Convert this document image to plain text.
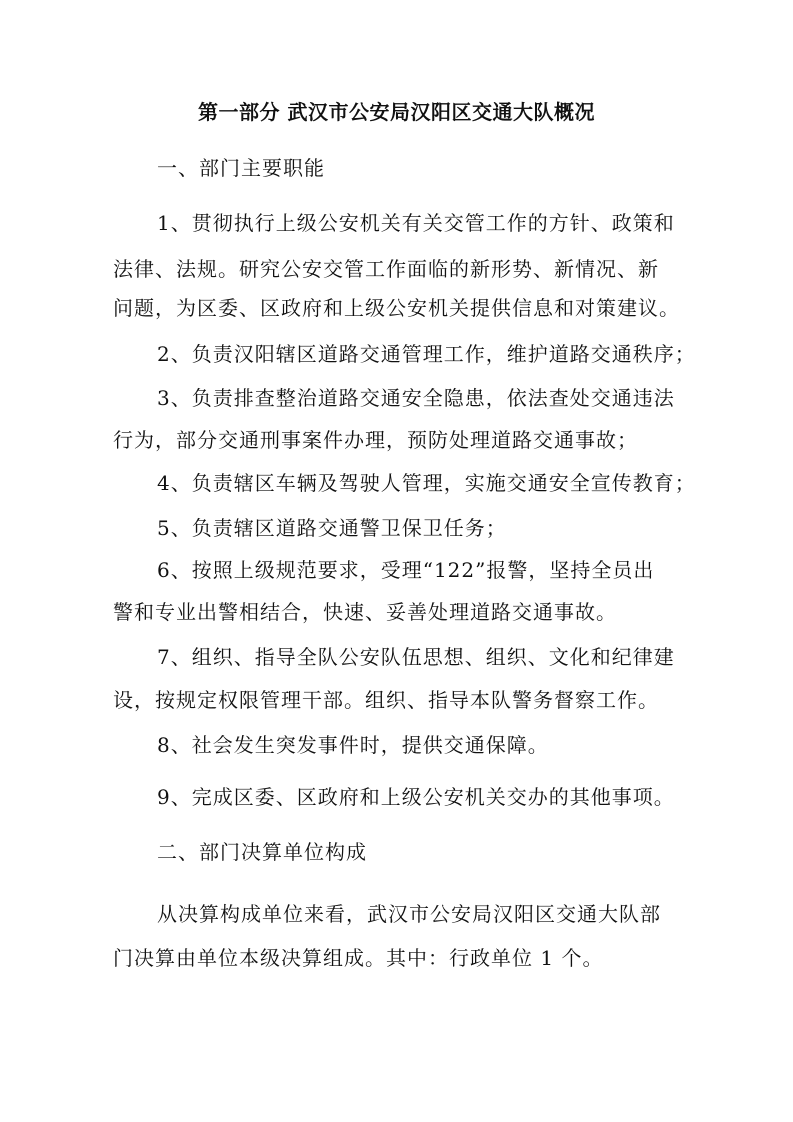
第一部分 武汉市公安局汉阳区交通大队概况
一、部门主要职能
1、贯彻执行上级公安机关有关交管工作的方针、政策和
法律、法规。研究公安交管工作面临的新形势、新情况、新
问题，为区委、区政府和上级公安机关提供信息和对策建议。
2、负责汉阳辖区道路交通管理工作，维护道路交通秩序；
3、负责排查整治道路交通安全隐患，依法查处交通违法
行为，部分交通刑事案件办理，预防处理道路交通事故；
4、负责辖区车辆及驾驶人管理，实施交通安全宣传教育；
5、负责辖区道路交通警卫保卫任务；
6、按照上级规范要求，受理“122”报警，坚持全员出
警和专业出警相结合，快速、妥善处理道路交通事故。
7、组织、指导全队公安队伍思想、组织、文化和纪律建
设，按规定权限管理干部。组织、指导本队警务督察工作。
8、社会发生突发事件时，提供交通保障。
9、完成区委、区政府和上级公安机关交办的其他事项。
二、部门决算单位构成
从决算构成单位来看，武汉市公安局汉阳区交通大队部
门决算由单位本级决算组成。其中：行政单位 1 个。
